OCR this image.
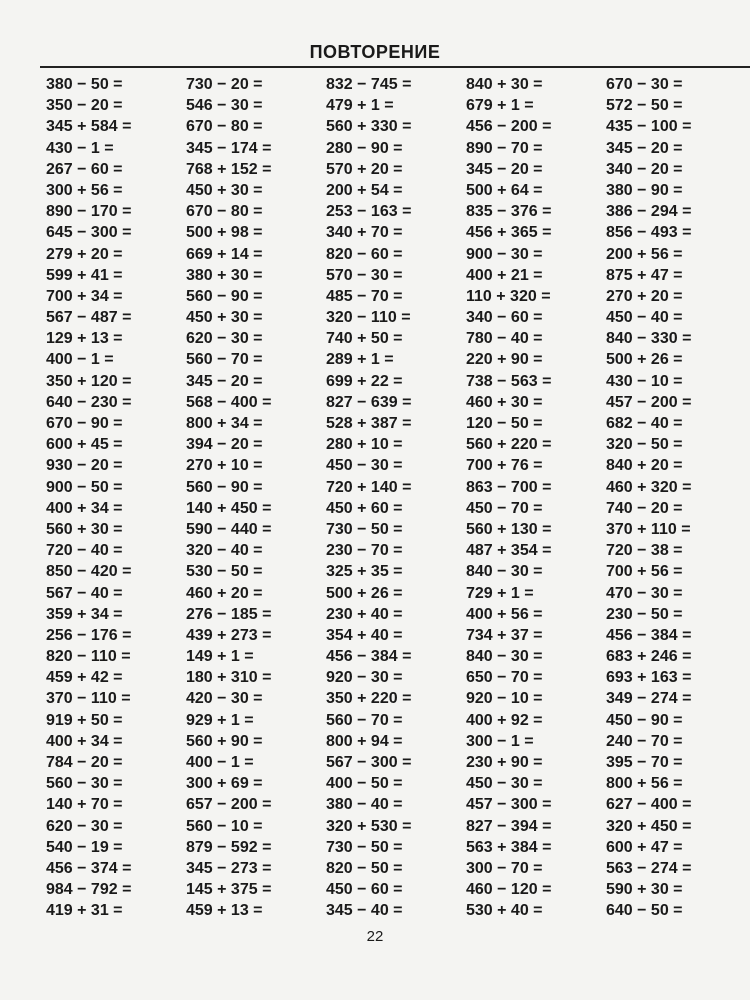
ПОВТОРЕНИЕ
380 − 50 =
350 − 20 =
345 + 584 =
430 − 1 =
267 − 60 =
300 + 56 =
890 − 170 =
645 − 300 =
279 + 20 =
599 + 41 =
700 + 34 =
567 − 487 =
129 + 13 =
400 − 1 =
350 + 120 =
640 − 230 =
670 − 90 =
600 + 45 =
930 − 20 =
900 − 50 =
400 + 34 =
560 + 30 =
720 − 40 =
850 − 420 =
567 − 40 =
359 + 34 =
256 − 176 =
820 − 110 =
459 + 42 =
370 − 110 =
919 + 50 =
400 + 34 =
784 − 20 =
560 − 30 =
140 + 70 =
620 − 30 =
540 − 19 =
456 − 374 =
984 − 792 =
419 + 31 =
730 − 20 =
546 − 30 =
670 − 80 =
345 − 174 =
768 + 152 =
450 + 30 =
670 − 80 =
500 + 98 =
669 + 14 =
380 + 30 =
560 − 90 =
450 + 30 =
620 − 30 =
560 − 70 =
345 − 20 =
568 − 400 =
800 + 34 =
394 − 20 =
270 + 10 =
560 − 90 =
140 + 450 =
590 − 440 =
320 − 40 =
530 − 50 =
460 + 20 =
276 − 185 =
439 + 273 =
149 + 1 =
180 + 310 =
420 − 30 =
929 + 1 =
560 + 90 =
400 − 1 =
300 + 69 =
657 − 200 =
560 − 10 =
879 − 592 =
345 − 273 =
145 + 375 =
459 + 13 =
832 − 745 =
479 + 1 =
560 + 330 =
280 − 90 =
570 + 20 =
200 + 54 =
253 − 163 =
340 + 70 =
820 − 60 =
570 − 30 =
485 − 70 =
320 − 110 =
740 + 50 =
289 + 1 =
699 + 22 =
827 − 639 =
528 + 387 =
280 + 10 =
450 − 30 =
720 + 140 =
450 + 60 =
730 − 50 =
230 − 70 =
325 + 35 =
500 + 26 =
230 + 40 =
354 + 40 =
456 − 384 =
920 − 30 =
350 + 220 =
560 − 70 =
800 + 94 =
567 − 300 =
400 − 50 =
380 − 40 =
320 + 530 =
730 − 50 =
820 − 50 =
450 − 60 =
345 − 40 =
840 + 30 =
679 + 1 =
456 − 200 =
890 − 70 =
345 − 20 =
500 + 64 =
835 − 376 =
456 + 365 =
900 − 30 =
400 + 21 =
110 + 320 =
340 − 60 =
780 − 40 =
220 + 90 =
738 − 563 =
460 + 30 =
120 − 50 =
560 + 220 =
700 + 76 =
863 − 700 =
450 − 70 =
560 + 130 =
487 + 354 =
840 − 30 =
729 + 1 =
400 + 56 =
734 + 37 =
840 − 30 =
650 − 70 =
920 − 10 =
400 + 92 =
300 − 1 =
230 + 90 =
450 − 30 =
457 − 300 =
827 − 394 =
563 + 384 =
300 − 70 =
460 − 120 =
530 + 40 =
670 − 30 =
572 − 50 =
435 − 100 =
345 − 20 =
340 − 20 =
380 − 90 =
386 − 294 =
856 − 493 =
200 + 56 =
875 + 47 =
270 + 20 =
450 − 40 =
840 − 330 =
500 + 26 =
430 − 10 =
457 − 200 =
682 − 40 =
320 − 50 =
840 + 20 =
460 + 320 =
740 − 20 =
370 + 110 =
720 − 38 =
700 + 56 =
470 − 30 =
230 − 50 =
456 − 384 =
683 + 246 =
693 + 163 =
349 − 274 =
450 − 90 =
240 − 70 =
395 − 70 =
800 + 56 =
627 − 400 =
320 + 450 =
600 + 47 =
563 − 274 =
590 + 30 =
640 − 50 =
22
